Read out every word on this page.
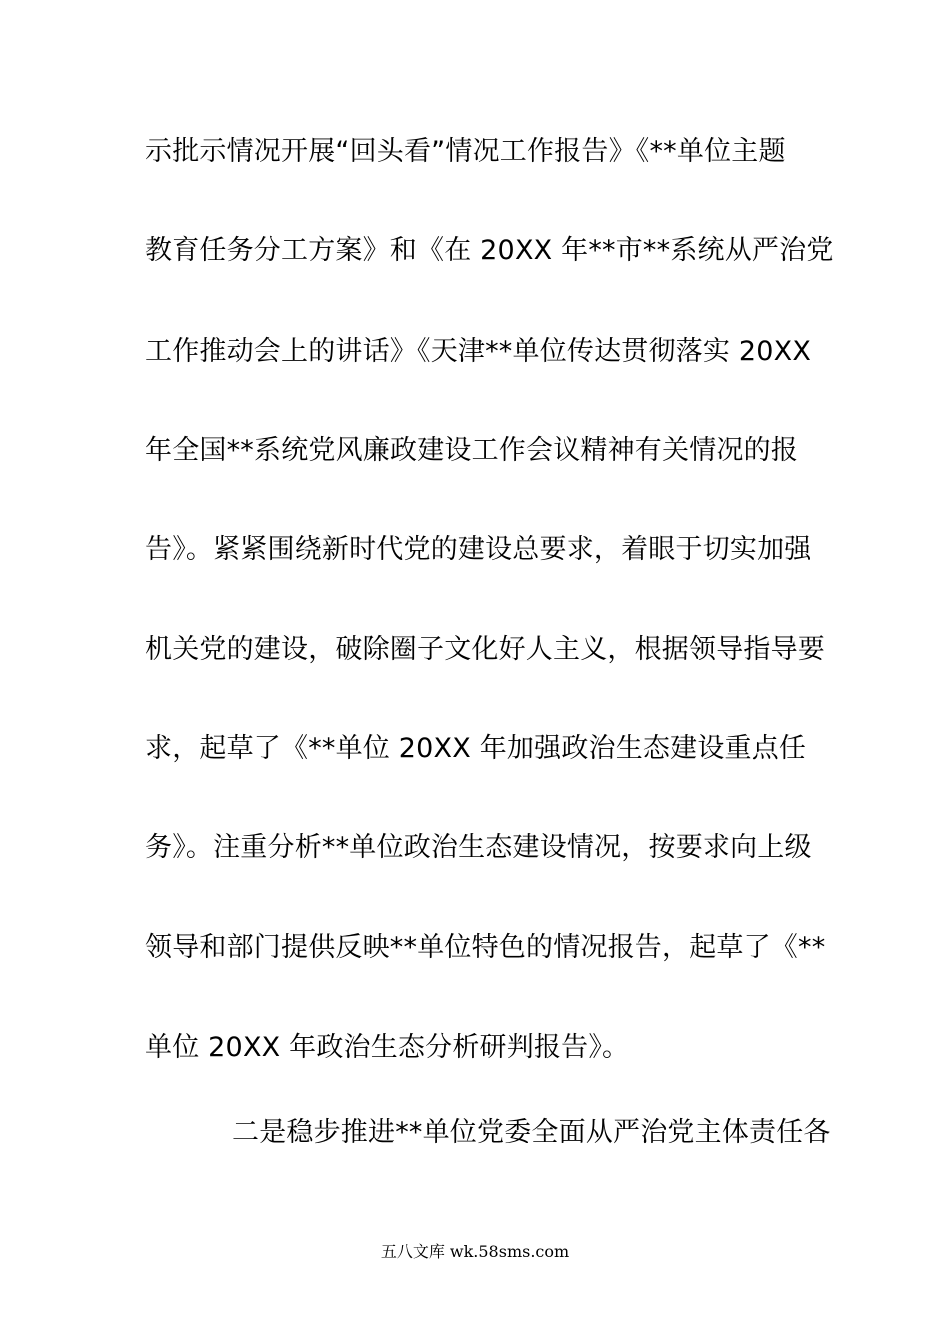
示批示情况开展“回头看”情况工作报告》《**单位主题
教育任务分工方案》和《在 20XX 年**市**系统从严治党
工作推动会上的讲话》《天津**单位传达贯彻落实 20XX
年全国**系统党风廉政建设工作会议精神有关情况的报
告》。紧紧围绕新时代党的建设总要求，着眼于切实加强
机关党的建设，破除圈子文化好人主义，根据领导指导要
求，起草了《**单位 20XX 年加强政治生态建设重点任
务》。注重分析**单位政治生态建设情况，按要求向上级
领导和部门提供反映**单位特色的情况报告，起草了《**
单位 20XX 年政治生态分析研判报告》。
二是稳步推进**单位党委全面从严治党主体责任各
五八文库 wk.58sms.com
